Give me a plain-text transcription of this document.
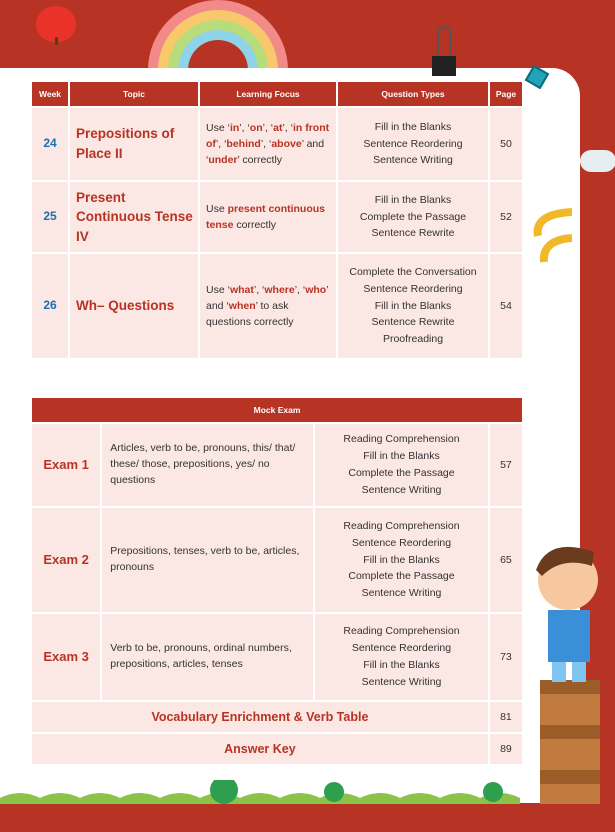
Week	Topic	Learning Focus	Question Types	Page
24	Prepositions of Place II	Use ‘in’, ‘on’, ‘at’, ‘in front of’, ‘behind’, ‘above’ and ‘under’ correctly	Fill in the Blanks
Sentence Reordering
Sentence Writing	50
25	Present Continuous Tense IV	Use present continuous tense correctly	Fill in the Blanks
Complete the Passage
Sentence Rewrite	52
26	Wh– Questions	Use ‘what’, ‘where’, ‘who’ and ‘when’ to ask questions correctly	Complete the Conversation
Sentence Reordering
Fill in the Blanks
Sentence Rewrite
Proofreading	54
Mock Exam			
Exam 1	Articles, verb to be, pronouns, this/ that/ these/ those, prepositions, yes/ no questions	Reading Comprehension
Fill in the Blanks
Complete the Passage
Sentence Writing	57
Exam 2	Prepositions, tenses, verb to be, articles, pronouns	Reading Comprehension
Sentence Reordering
Fill in the Blanks
Complete the Passage
Sentence Writing	65
Exam 3	Verb to be, pronouns, ordinal numbers, prepositions, articles, tenses	Reading Comprehension
Sentence Reordering
Fill in the Blanks
Sentence Writing	73
Vocabulary Enrichment & Verb Table			81
Answer Key			89
